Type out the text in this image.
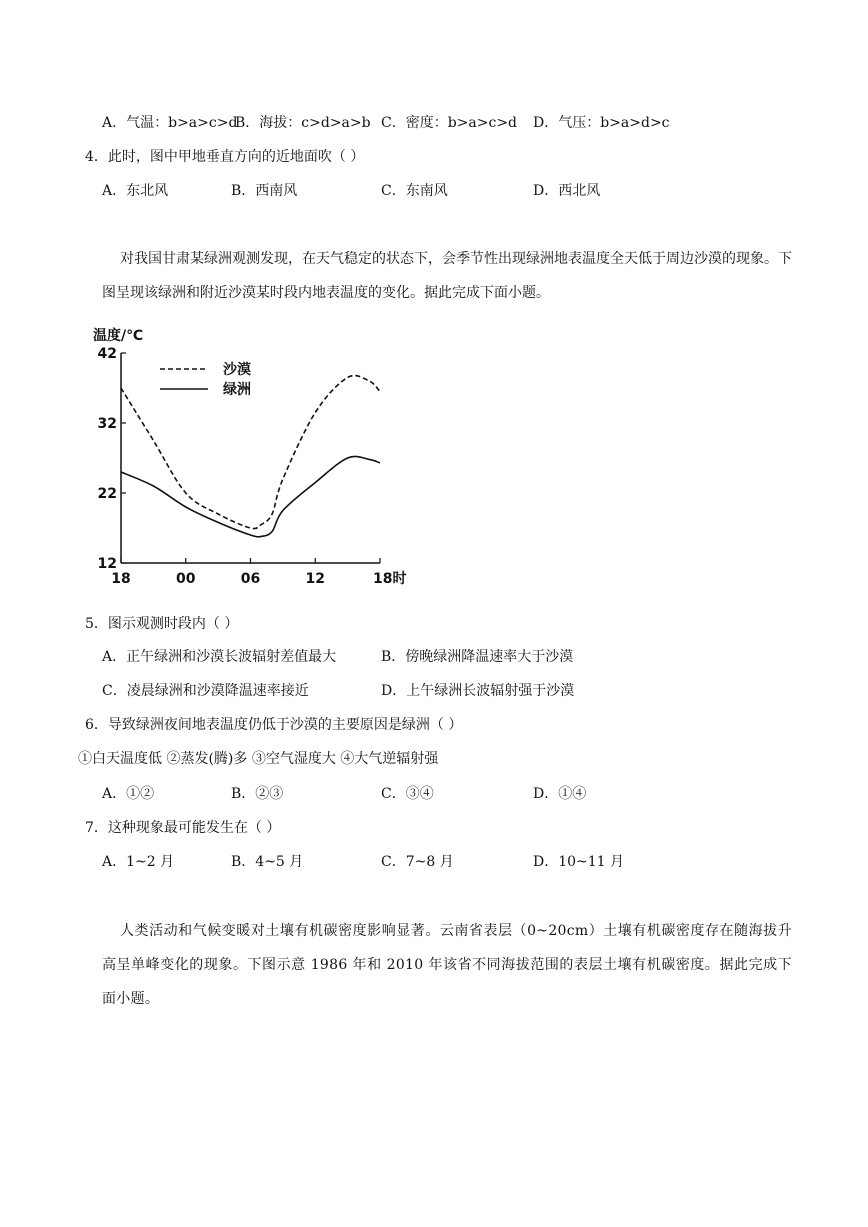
A．气温：b>a>c>d
B．海拔：c>d>a>b C．密度：b>a>c>d D．气压：b>a>d>c
4．此时，图中甲地垂直方向的近地面吹（ ）
A．东北风	B．西南风	C．东南风	D．西北风
对我国甘肃某绿洲观测发现，在天气稳定的状态下，会季节性出现绿洲地表温度全天低于周边沙漠的现象。下图呈现该绿洲和附近沙漠某时段内地表温度的变化。据此完成下面小题。
温度/℃
42
32
22
12
18	00	06	12	18时
沙漠
绿洲
5．图示观测时段内（ ）
A．正午绿洲和沙漠长波辐射差值最大	B．傍晚绿洲降温速率大于沙漠
C．凌晨绿洲和沙漠降温速率接近	D．上午绿洲长波辐射强于沙漠
6．导致绿洲夜间地表温度仍低于沙漠的主要原因是绿洲（ ）
①白天温度低 ②蒸发(腾)多 ③空气湿度大 ④大气逆辐射强
A．①②	B．②③	C．③④	D．①④
7．这种现象最可能发生在（ ）
A．1~2 月	B．4~5 月	C．7~8 月	D．10~11 月
人类活动和气候变暖对土壤有机碳密度影响显著。云南省表层（0~20cm）土壤有机碳密度存在随海拔升高呈单峰变化的现象。下图示意 1986 年和 2010 年该省不同海拔范围的表层土壤有机碳密度。据此完成下面小题。
